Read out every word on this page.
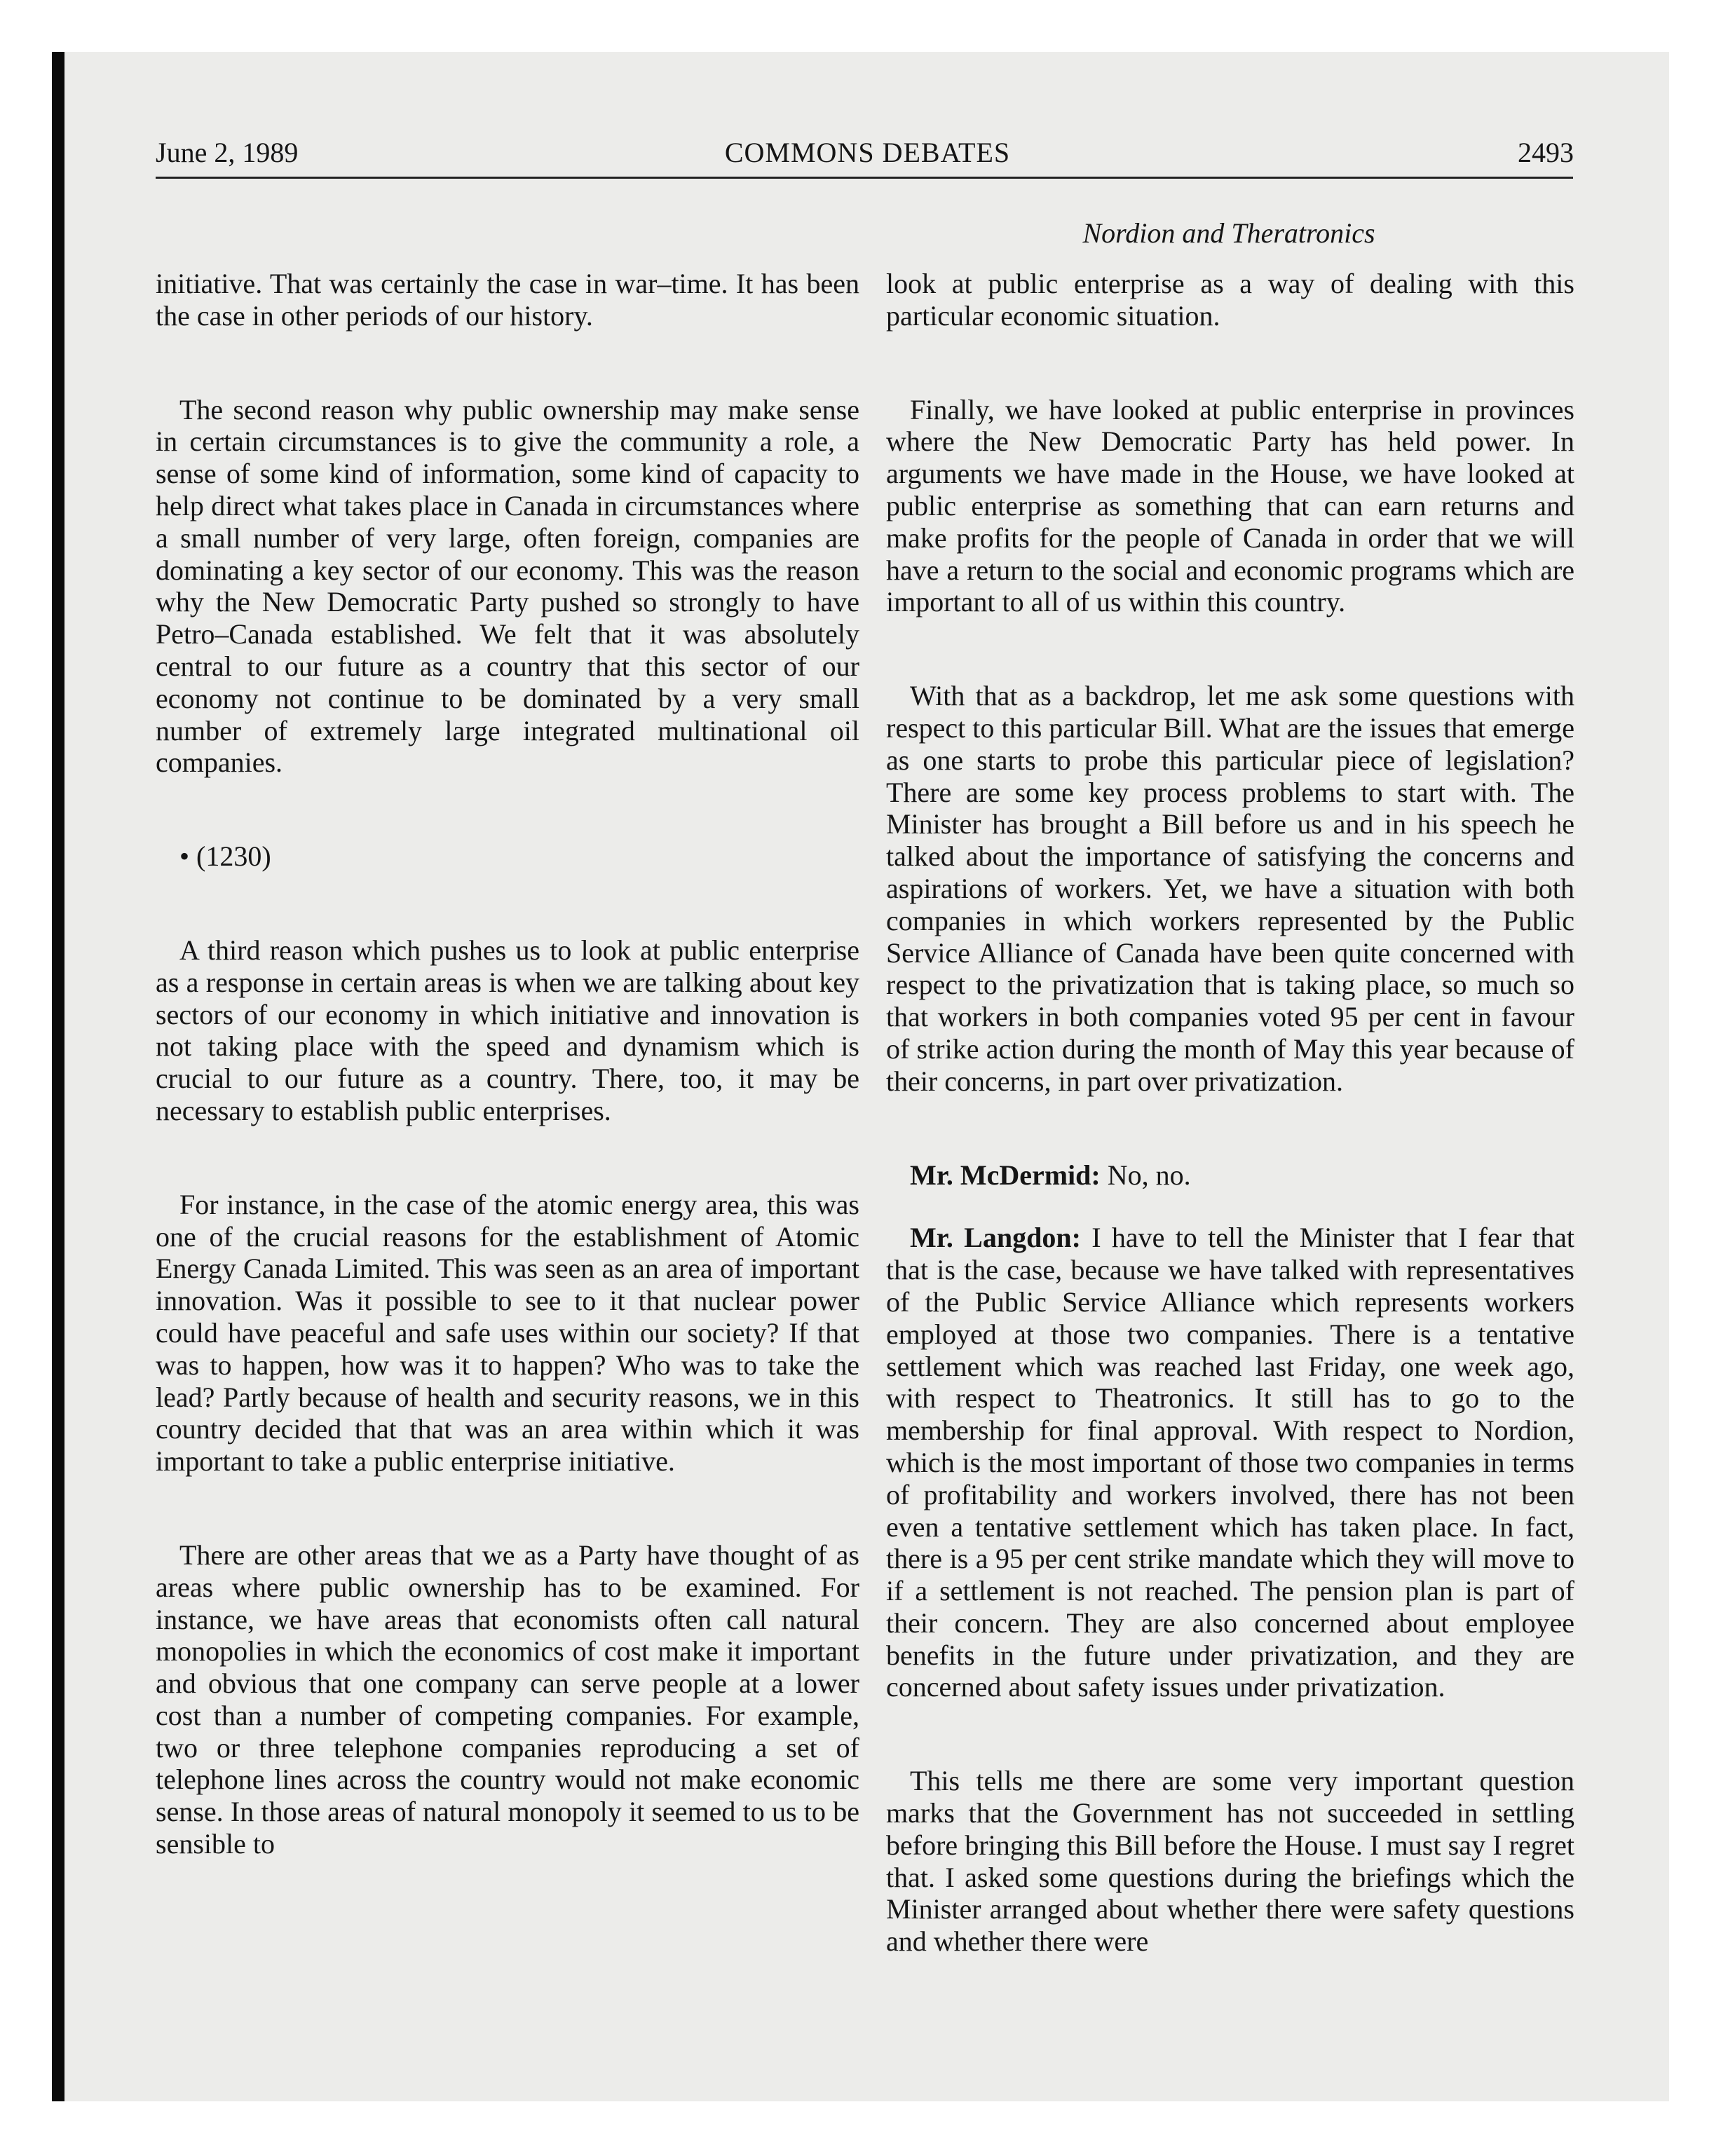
June 2, 1989	COMMONS DEBATES	2493
Nordion and Theratronics

initiative. That was certainly the case in war–time. It has been the case in other periods of our history.

The second reason why public ownership may make sense in certain circumstances is to give the community a role, a sense of some kind of information, some kind of capacity to help direct what takes place in Canada in circumstances where a small number of very large, often foreign, companies are dominating a key sector of our economy. This was the reason why the New Democratic Party pushed so strongly to have Petro–Canada established. We felt that it was absolutely central to our future as a country that this sector of our economy not continue to be dominated by a very small number of extremely large integrated multinational oil companies.

• (1230)

A third reason which pushes us to look at public enterprise as a response in certain areas is when we are talking about key sectors of our economy in which initiative and innovation is not taking place with the speed and dynamism which is crucial to our future as a country. There, too, it may be necessary to establish public enterprises.

For instance, in the case of the atomic energy area, this was one of the crucial reasons for the establishment of Atomic Energy Canada Limited. This was seen as an area of important innovation. Was it possible to see to it that nuclear power could have peaceful and safe uses within our society? If that was to happen, how was it to happen? Who was to take the lead? Partly because of health and security reasons, we in this country decided that that was an area within which it was important to take a public enterprise initiative.

There are other areas that we as a Party have thought of as areas where public ownership has to be examined. For instance, we have areas that economists often call natural monopolies in which the economics of cost make it important and obvious that one company can serve people at a lower cost than a number of competing companies. For example, two or three telephone companies reproducing a set of telephone lines across the country would not make economic sense. In those areas of natural monopoly it seemed to us to be sensible to

look at public enterprise as a way of dealing with this particular economic situation.

Finally, we have looked at public enterprise in provinces where the New Democratic Party has held power. In arguments we have made in the House, we have looked at public enterprise as something that can earn returns and make profits for the people of Canada in order that we will have a return to the social and economic programs which are important to all of us within this country.

With that as a backdrop, let me ask some questions with respect to this particular Bill. What are the issues that emerge as one starts to probe this particular piece of legislation? There are some key process problems to start with. The Minister has brought a Bill before us and in his speech he talked about the importance of satisfying the concerns and aspirations of workers. Yet, we have a situation with both companies in which workers represented by the Public Service Alliance of Canada have been quite concerned with respect to the privatization that is taking place, so much so that workers in both companies voted 95 per cent in favour of strike action during the month of May this year because of their concerns, in part over privatization.

Mr. McDermid: No, no.

Mr. Langdon: I have to tell the Minister that I fear that that is the case, because we have talked with representatives of the Public Service Alliance which represents workers employed at those two companies. There is a tentative settlement which was reached last Friday, one week ago, with respect to Theatronics. It still has to go to the membership for final approval. With respect to Nordion, which is the most important of those two companies in terms of profitability and workers involved, there has not been even a tentative settlement which has taken place. In fact, there is a 95 per cent strike mandate which they will move to if a settlement is not reached. The pension plan is part of their concern. They are also concerned about employee benefits in the future under privatization, and they are concerned about safety issues under privatization.

This tells me there are some very important question marks that the Government has not succeeded in settling before bringing this Bill before the House. I must say I regret that. I asked some questions during the briefings which the Minister arranged about whether there were safety questions and whether there were
